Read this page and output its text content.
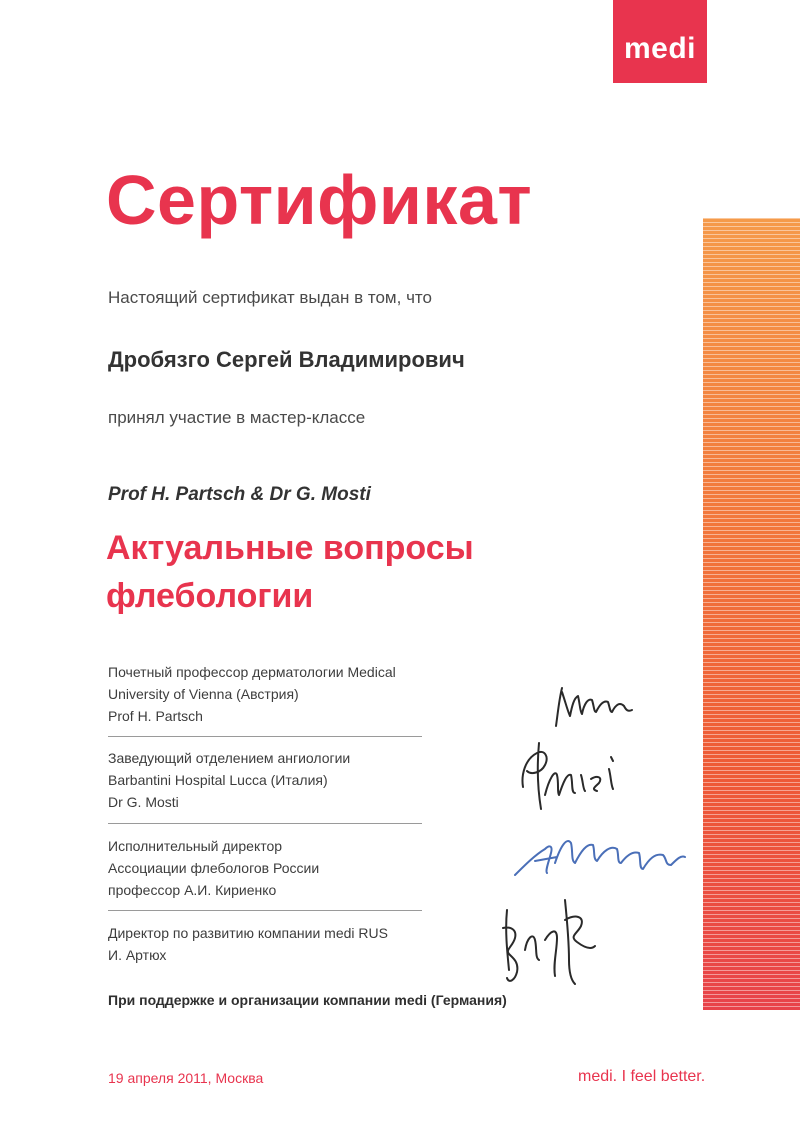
medi
Сертификат
Настоящий сертификат выдан в том, что
Дробязго Сергей Владимирович
принял участие в мастер-классе
Prof H. Partsch & Dr G. Mosti
Актуальные вопросы
флебологии
Почетный профессор дерматологии Medical
University of Vienna (Австрия)
Prof H. Partsch
Заведующий отделением ангиологии
Barbantini Hospital Lucca (Италия)
Dr G. Mosti
Исполнительный директор
Ассоциации флебологов России
профессор А.И. Кириенко
Директор по развитию компании medi RUS
И. Артюх
При поддержке и организации компании medi (Германия)
19 апреля 2011, Москва	medi. I feel better.
